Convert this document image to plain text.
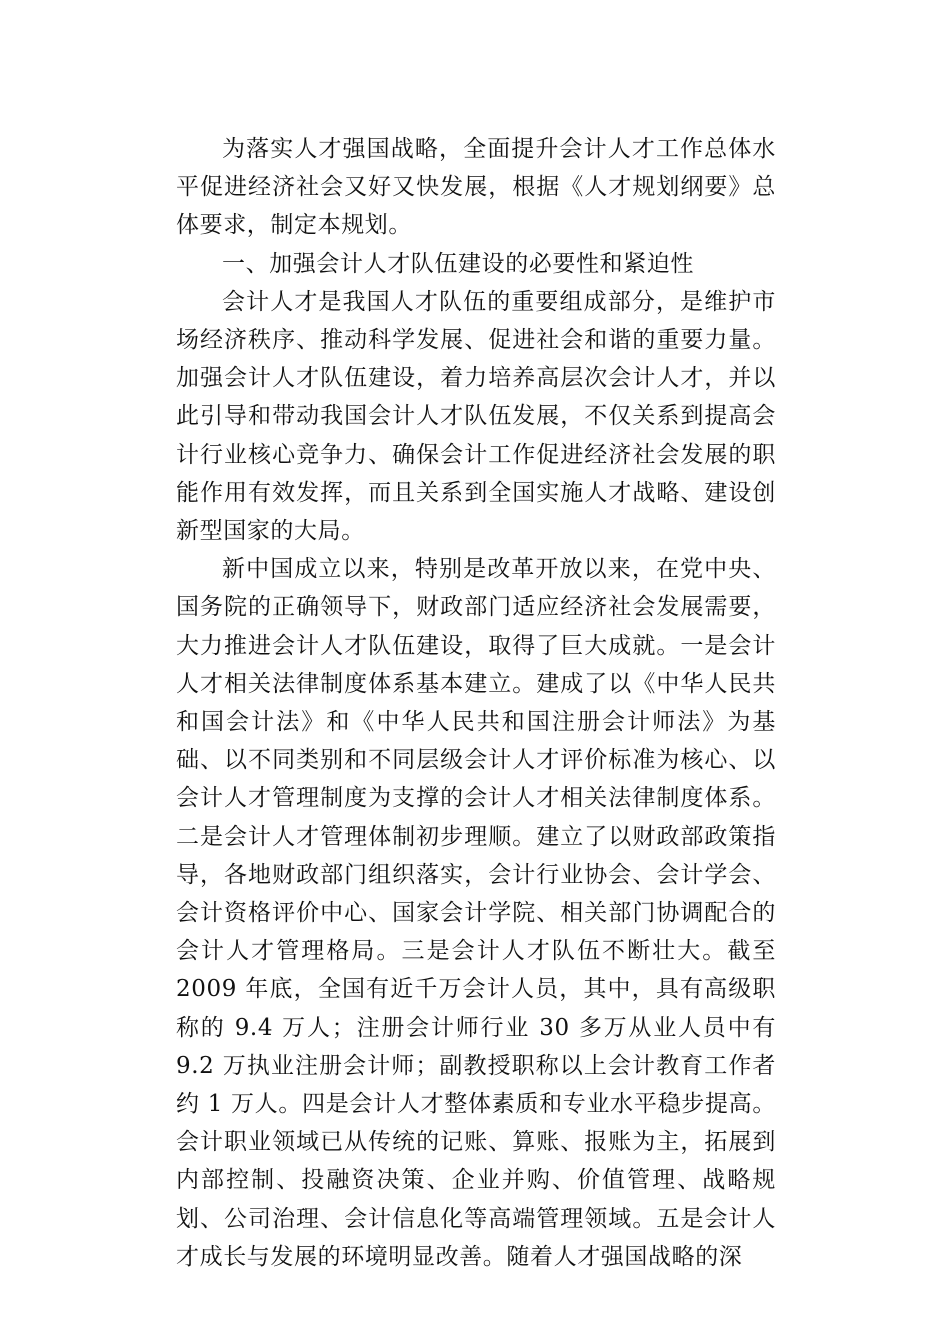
为落实人才强国战略，全面提升会计人才工作总体水平促进经济社会又好又快发展，根据《人才规划纲要》总体要求，制定本规划。

一、加强会计人才队伍建设的必要性和紧迫性

会计人才是我国人才队伍的重要组成部分，是维护市场经济秩序、推动科学发展、促进社会和谐的重要力量。加强会计人才队伍建设，着力培养高层次会计人才，并以此引导和带动我国会计人才队伍发展，不仅关系到提高会计行业核心竞争力、确保会计工作促进经济社会发展的职能作用有效发挥，而且关系到全国实施人才战略、建设创新型国家的大局。

新中国成立以来，特别是改革开放以来，在党中央、国务院的正确领导下，财政部门适应经济社会发展需要，大力推进会计人才队伍建设，取得了巨大成就。一是会计人才相关法律制度体系基本建立。建成了以《中华人民共和国会计法》和《中华人民共和国注册会计师法》为基础、以不同类别和不同层级会计人才评价标准为核心、以会计人才管理制度为支撑的会计人才相关法律制度体系。二是会计人才管理体制初步理顺。建立了以财政部政策指导，各地财政部门组织落实，会计行业协会、会计学会、会计资格评价中心、国家会计学院、相关部门协调配合的会计人才管理格局。三是会计人才队伍不断壮大。截至 2009 年底，全国有近千万会计人员，其中，具有高级职称的 9.4 万人；注册会计师行业 30 多万从业人员中有 9.2 万执业注册会计师；副教授职称以上会计教育工作者约 1 万人。四是会计人才整体素质和专业水平稳步提高。会计职业领域已从传统的记账、算账、报账为主，拓展到内部控制、投融资决策、企业并购、价值管理、战略规划、公司治理、会计信息化等高端管理领域。五是会计人才成长与发展的环境明显改善。随着人才强国战略的深
